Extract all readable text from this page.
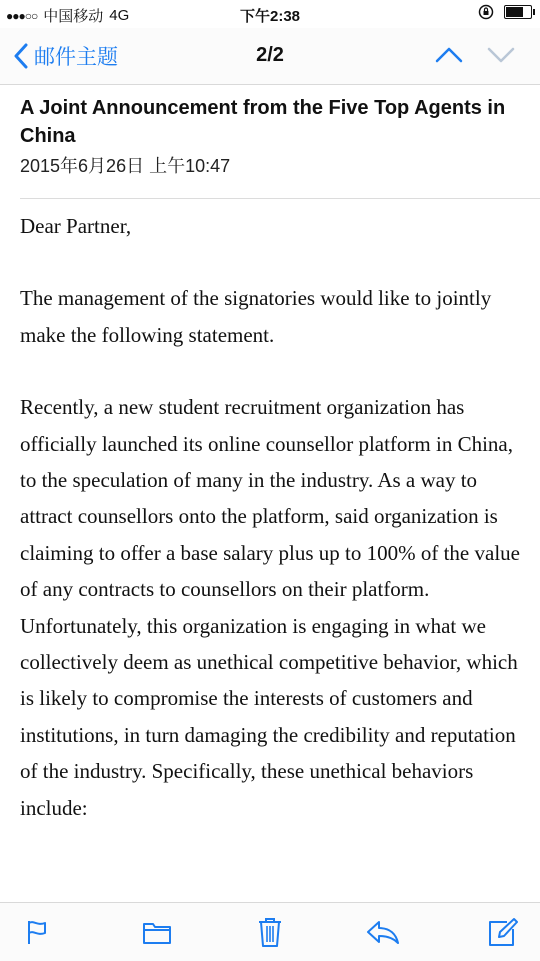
●●●○○ 中国移动 4G	下午2:38
邮件主题	2/2
A Joint Announcement from the Five Top Agents in China
2015年6月26日 上午10:47

Dear Partner,

The management of the signatories would like to jointly make the following statement.

Recently, a new student recruitment organization has officially launched its online counsellor platform in China, to the speculation of many in the industry. As a way to attract counsellors onto the platform, said organization is claiming to offer a base salary plus up to 100% of the value of any contracts to counsellors on their platform. Unfortunately, this organization is engaging in what we collectively deem as unethical competitive behavior, which is likely to compromise the interests of customers and institutions, in turn damaging the credibility and reputation of the industry. Specifically, these unethical behaviors include:
